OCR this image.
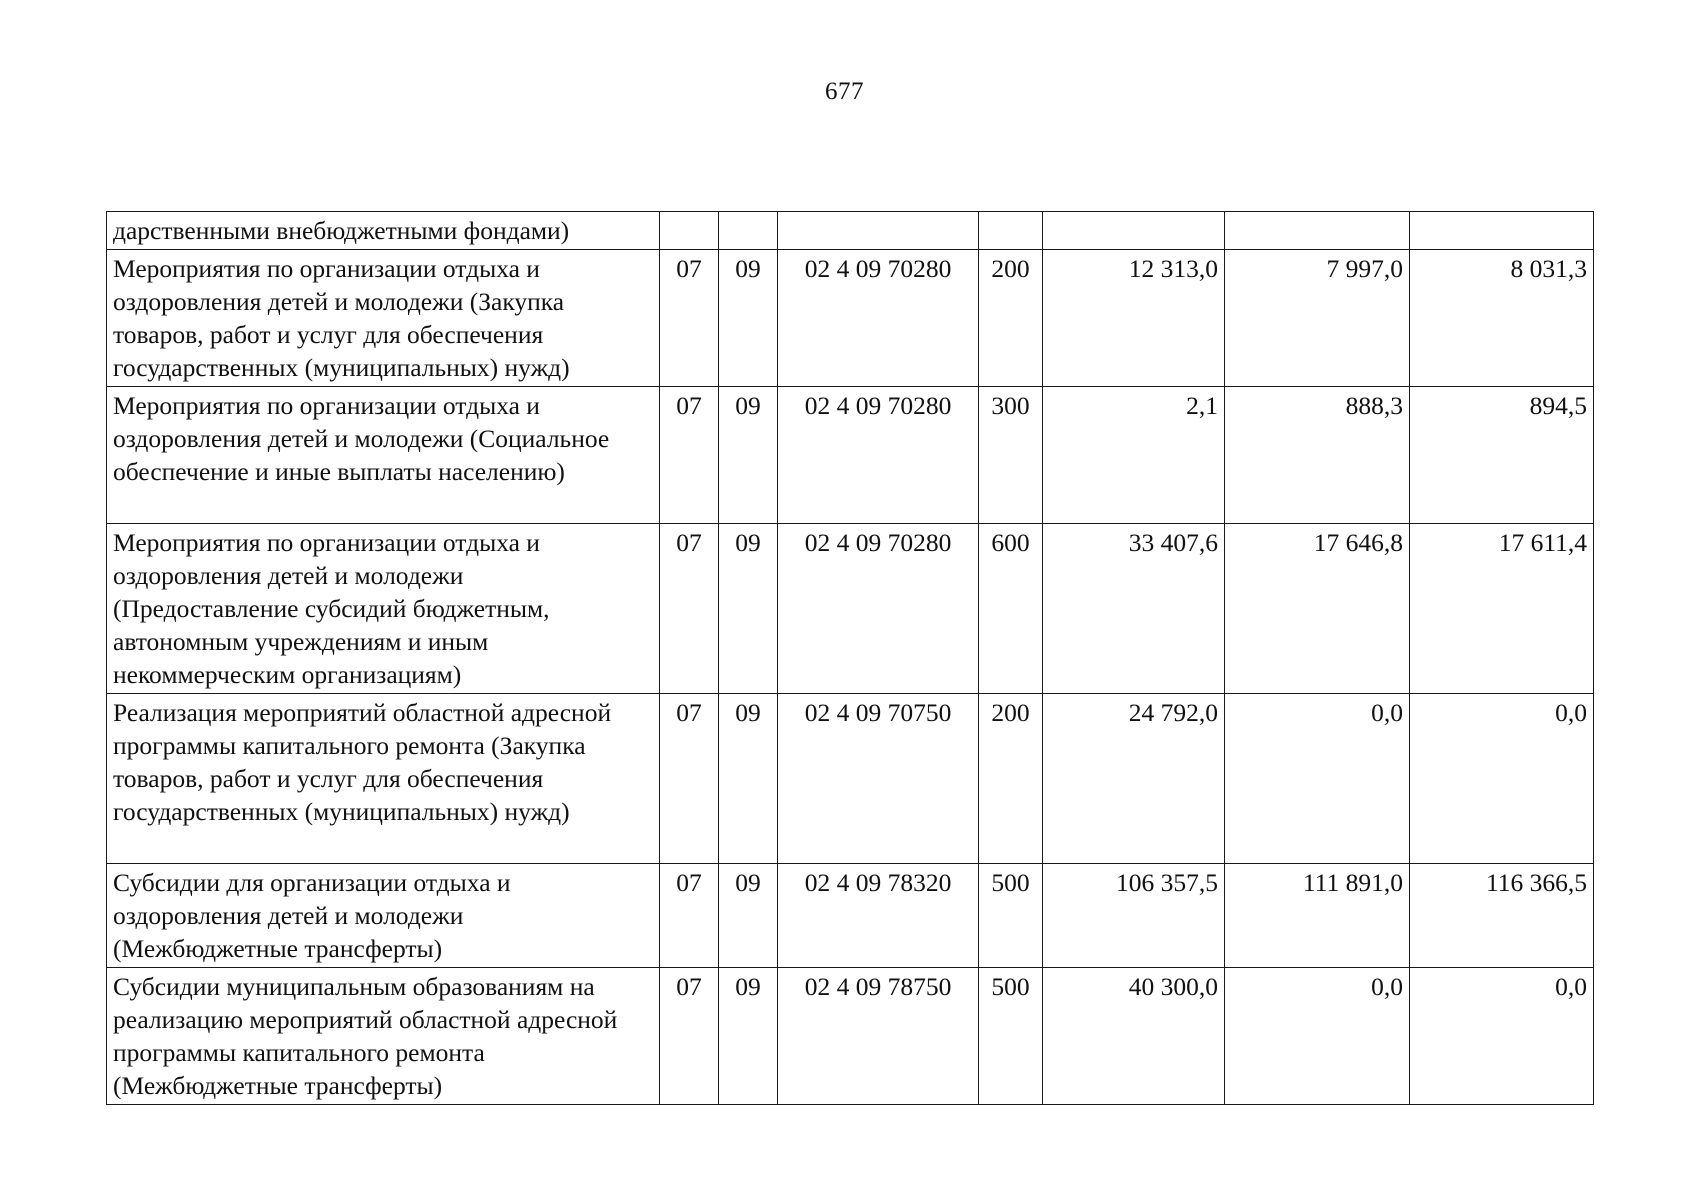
677
дарственными внебюджетными фондами)							
Мероприятия по организации отдыха и оздоровления детей и молодежи (Закупка товаров, работ и услуг для обеспечения государственных (муниципальных) нужд)	07	09	02 4 09 70280	200	12 313,0	7 997,0	8 031,3
Мероприятия по организации отдыха и оздоровления детей и молодежи (Социальное обеспечение и иные выплаты населению)	07	09	02 4 09 70280	300	2,1	888,3	894,5
Мероприятия по организации отдыха и оздоровления детей и молодежи (Предоставление субсидий бюджетным, автономным учреждениям и иным некоммерческим организациям)	07	09	02 4 09 70280	600	33 407,6	17 646,8	17 611,4
Реализация мероприятий областной адресной программы капитального ремонта (Закупка товаров, работ и услуг для обеспечения государственных (муниципальных) нужд)	07	09	02 4 09 70750	200	24 792,0	0,0	0,0
Субсидии для организации отдыха и оздоровления детей и молодежи (Межбюджетные трансферты)	07	09	02 4 09 78320	500	106 357,5	111 891,0	116 366,5
Субсидии муниципальным образованиям на реализацию мероприятий областной адресной программы капитального ремонта (Межбюджетные трансферты)	07	09	02 4 09 78750	500	40 300,0	0,0	0,0
